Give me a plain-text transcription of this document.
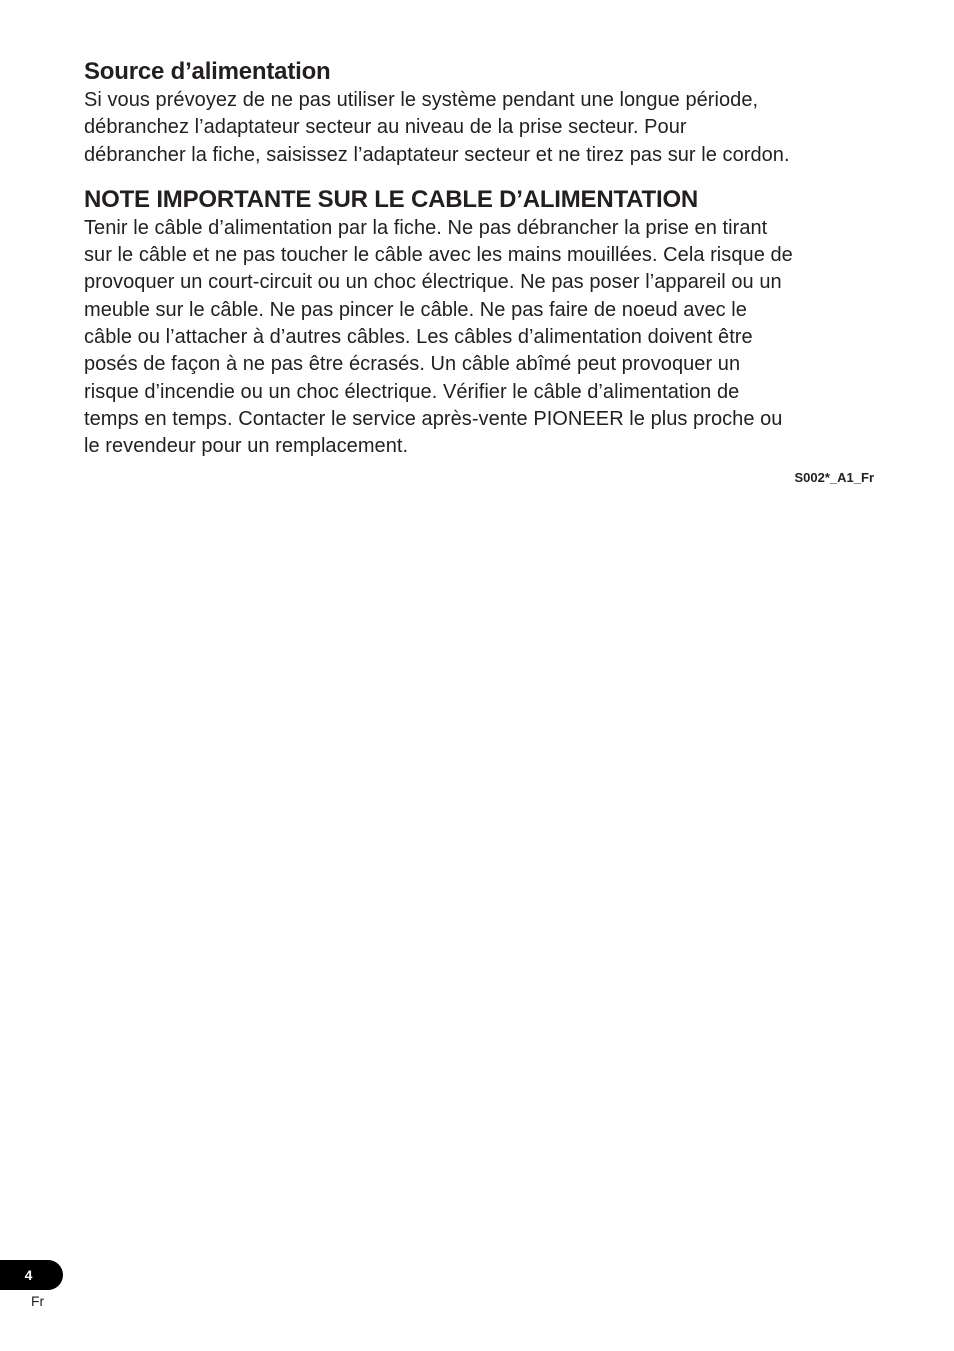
Source d’alimentation

Si vous prévoyez de ne pas utiliser le système pendant une longue période,
débranchez l’adaptateur secteur au niveau de la prise secteur. Pour
débrancher la fiche, saisissez l’adaptateur secteur et ne tirez pas sur le cordon.

NOTE IMPORTANTE SUR LE CABLE D’ALIMENTATION

Tenir le câble d’alimentation par la fiche. Ne pas débrancher la prise en tirant
sur le câble et ne pas toucher le câble avec les mains mouillées. Cela risque de
provoquer un court-circuit ou un choc électrique. Ne pas poser l’appareil ou un
meuble sur le câble. Ne pas pincer le câble. Ne pas faire de noeud avec le
câble ou l’attacher à d’autres câbles. Les câbles d’alimentation doivent être
posés de façon à ne pas être écrasés. Un câble abîmé peut provoquer un
risque d’incendie ou un choc électrique. Vérifier le câble d’alimentation de
temps en temps. Contacter le service après-vente PIONEER le plus proche ou
le revendeur pour un remplacement.

S002*_A1_Fr
4
Fr
